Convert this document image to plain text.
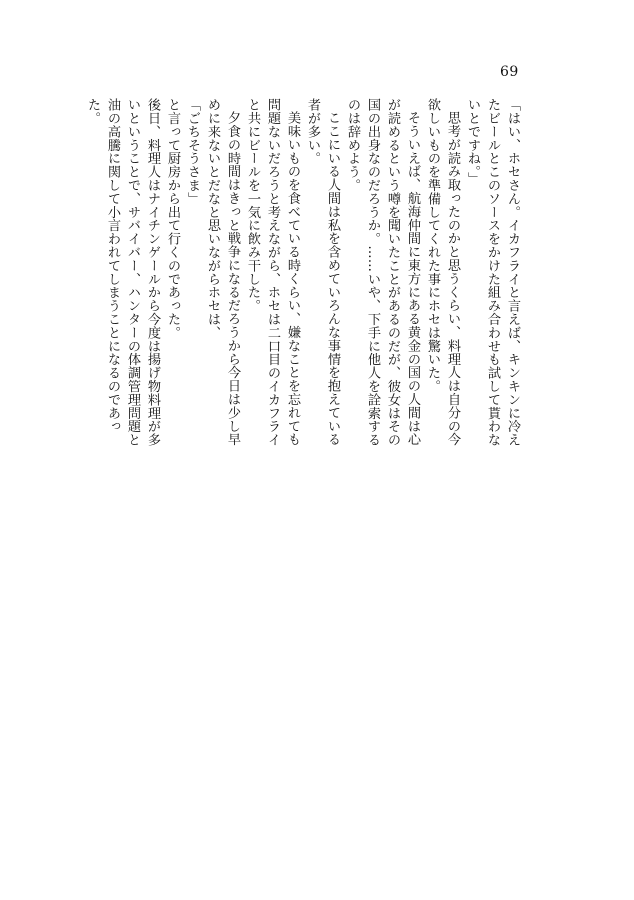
69

「はい、ホセさん。イカフライと言えば、キンキンに冷えたビールとこのソースをかけた組み合わせも試して貰わないとですね。」

思考が読み取ったのかと思うくらい、料理人は自分の今欲しいものを準備してくれた事にホセは驚いた。

そういえば、航海仲間に東方にある黄金の国の人間は心が読めるという噂を聞いたことがあるのだが、彼女はその国の出身なのだろうか。……いや、下手に他人を詮索するのは辞めよう。

ここにいる人間は私を含めていろんな事情を抱えている者が多い。

美味いものを食べている時くらい、嫌なことを忘れても問題ないだろうと考えながら、ホセは二口目のイカフライと共にビールを一気に飲み干した。

夕食の時間はきっと戦争になるだろうから今日は少し早めに来ないとだなと思いながらホセは、

「ごちそうさま」

と言って厨房から出て行くのであった。

後日、料理人はナイチンゲールから今度は揚げ物料理が多いということで、サバイバー、ハンターの体調管理問題と油の高騰に関して小言われてしまうことになるのであった。
